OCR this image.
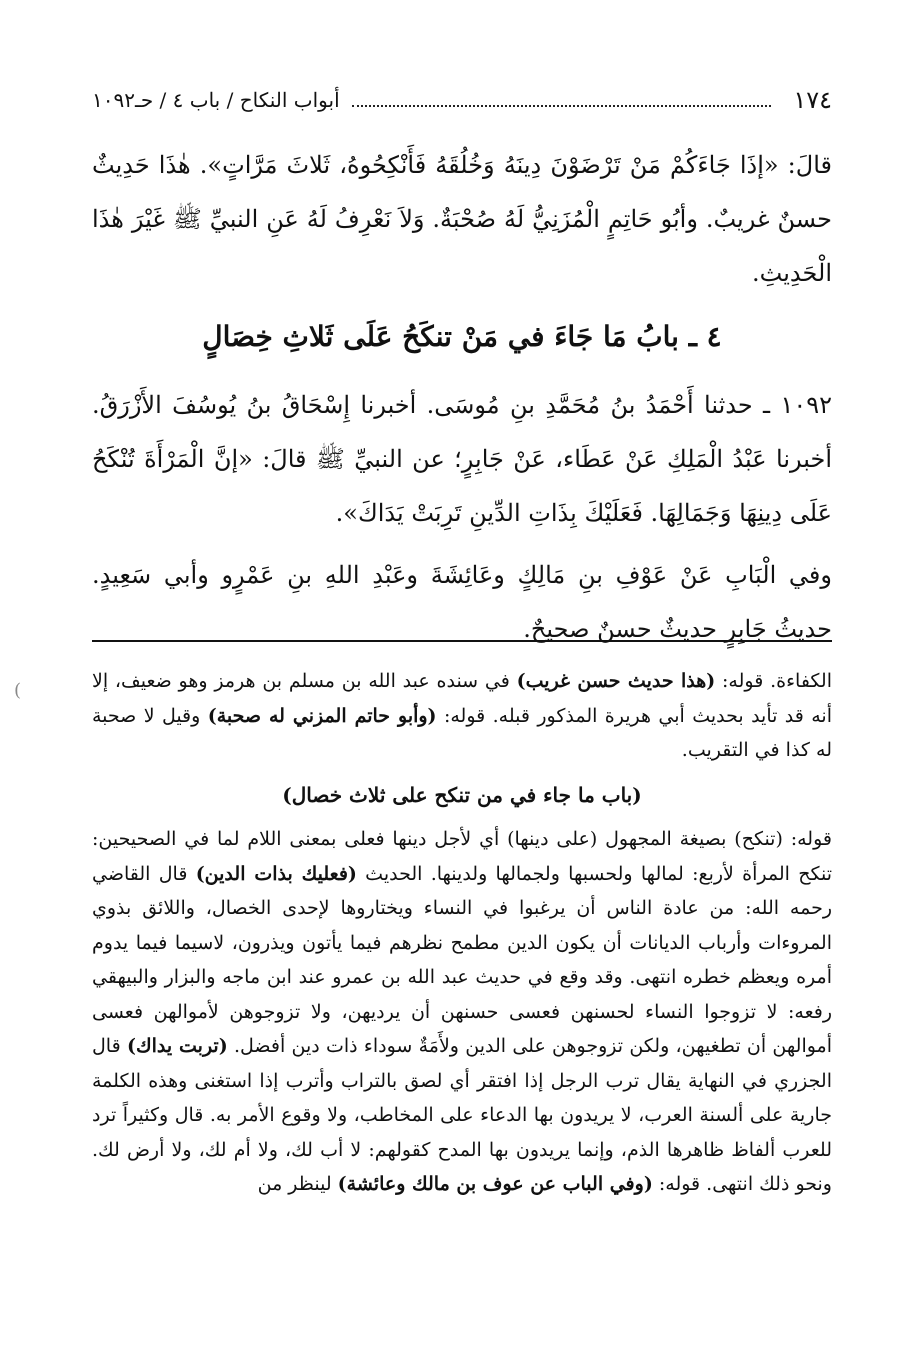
١٧٤
أبواب النكاح / باب ٤ / حـ١٠٩٢

قالَ: «إذَا جَاءَكُمْ مَنْ تَرْضَوْنَ دِينَهُ وَخُلُقَهُ فَأَنْكِحُوهُ، ثَلاثَ مَرَّاتٍ». هٰذَا حَدِيثٌ حسنٌ غريبٌ. وأبُو حَاتِمٍ الْمُزَنِيُّ لَهُ صُحْبَةٌ. وَلاَ نَعْرِفُ لَهُ عَنِ النبيِّ ﷺ غَيْرَ هٰذَا الْحَدِيثِ.

٤ ـ بابُ مَا جَاءَ في مَنْ تنكَحُ عَلَى ثَلاثِ خِصَالٍ

١٠٩٢ ـ حدثنا أَحْمَدُ بنُ مُحَمَّدِ بنِ مُوسَى. أخبرنا إِسْحَاقُ بنُ يُوسُفَ الأَزْرَقُ. أخبرنا عَبْدُ الْمَلِكِ عَنْ عَطَاء، عَنْ جَابِرٍ؛ عن النبيِّ ﷺ قالَ: «إنَّ الْمَرْأَةَ تُنْكَحُ عَلَى دِينِهَا وَجَمَالِهَا. فَعَلَيْكَ بِذَاتِ الدِّينِ تَرِبَتْ يَدَاكَ».

وفي الْبَابِ عَنْ عَوْفِ بنِ مَالِكٍ وعَائِشَةَ وعَبْدِ اللهِ بنِ عَمْرٍو وأبي سَعِيدٍ. حديثُ جَابِرٍ حديثٌ حسنٌ صحيحٌ.

الكفاءة. قوله: (هذا حديث حسن غريب) في سنده عبد الله بن مسلم بن هرمز وهو ضعيف، إلا أنه قد تأيد بحديث أبي هريرة المذكور قبله. قوله: (وأبو حاتم المزني له صحبة) وقيل لا صحبة له كذا في التقريب.

(باب ما جاء في من تنكح على ثلاث خصال)

قوله: (تنكح) بصيغة المجهول (على دينها) أي لأجل دينها فعلى بمعنى اللام لما في الصحيحين: تنكح المرأة لأربع: لمالها ولحسبها ولجمالها ولدينها. الحديث (فعليك بذات الدين) قال القاضي رحمه الله: من عادة الناس أن يرغبوا في النساء ويختاروها لإحدى الخصال، واللائق بذوي المروءات وأرباب الديانات أن يكون الدين مطمح نظرهم فيما يأتون ويذرون، لاسيما فيما يدوم أمره ويعظم خطره انتهى. وقد وقع في حديث عبد الله بن عمرو عند ابن ماجه والبزار والبيهقي رفعه: لا تزوجوا النساء لحسنهن فعسى حسنهن أن يرديهن، ولا تزوجوهن لأموالهن فعسى أموالهن أن تطغيهن، ولكن تزوجوهن على الدين ولأَمَةٌ سوداء ذات دين أفضل. (تربت يداك) قال الجزري في النهاية يقال ترب الرجل إذا افتقر أي لصق بالتراب وأترب إذا استغنى وهذه الكلمة جارية على ألسنة العرب، لا يريدون بها الدعاء على المخاطب، ولا وقوع الأمر به. قال وكثيراً ترد للعرب ألفاظ ظاهرها الذم، وإنما يريدون بها المدح كقولهم: لا أب لك، ولا أم لك، ولا أرض لك. ونحو ذلك انتهى. قوله: (وفي الباب عن عوف بن مالك وعائشة) لينظر من

)
